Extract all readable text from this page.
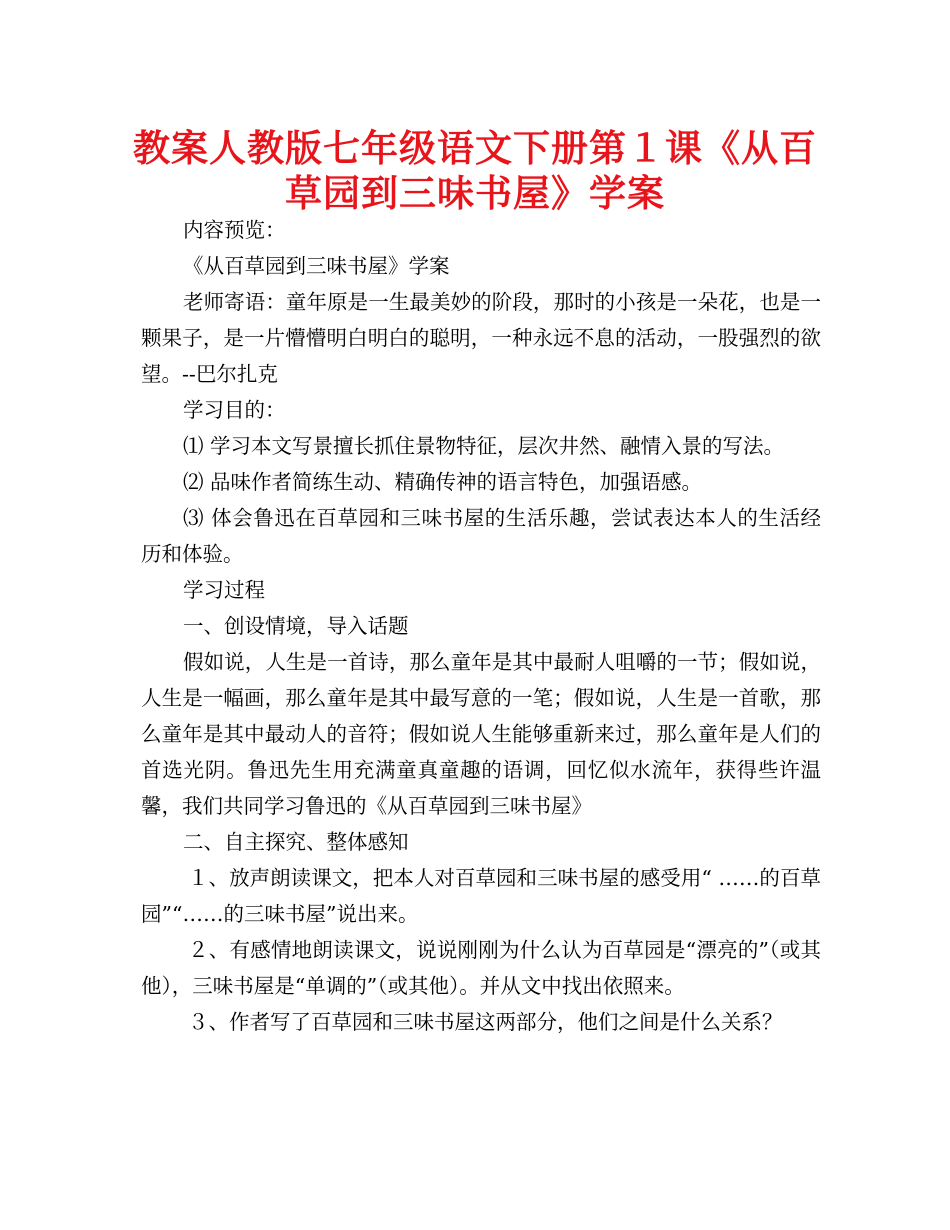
教案人教版七年级语文下册第１课《从百
草园到三味书屋》学案

内容预览：

《从百草园到三味书屋》学案

老师寄语：童年原是一生最美妙的阶段，那时的小孩是一朵花，也是一颗果子，是一片懵懵明白明白的聪明，一种永远不息的活动，一股强烈的欲望。--巴尔扎克

学习目的：

⑴ 学习本文写景擅长抓住景物特征，层次井然、融情入景的写法。

⑵ 品味作者简练生动、精确传神的语言特色，加强语感。

⑶ 体会鲁迅在百草园和三味书屋的生活乐趣，尝试表达本人的生活经历和体验。

学习过程

一、创设情境，导入话题

假如说，人生是一首诗，那么童年是其中最耐人咀嚼的一节；假如说，人生是一幅画，那么童年是其中最写意的一笔；假如说，人生是一首歌，那么童年是其中最动人的音符；假如说人生能够重新来过，那么童年是人们的首选光阴。鲁迅先生用充满童真童趣的语调，回忆似水流年，获得些许温馨，我们共同学习鲁迅的《从百草园到三味书屋》

二、自主探究、整体感知

１、放声朗读课文，把本人对百草园和三味书屋的感受用“ ……的百草园”“……的三味书屋”说出来。

２、有感情地朗读课文，说说刚刚为什么认为百草园是“漂亮的”（或其他），三味书屋是“单调的”（或其他）。并从文中找出依照来。

３、作者写了百草园和三味书屋这两部分，他们之间是什么关系？
